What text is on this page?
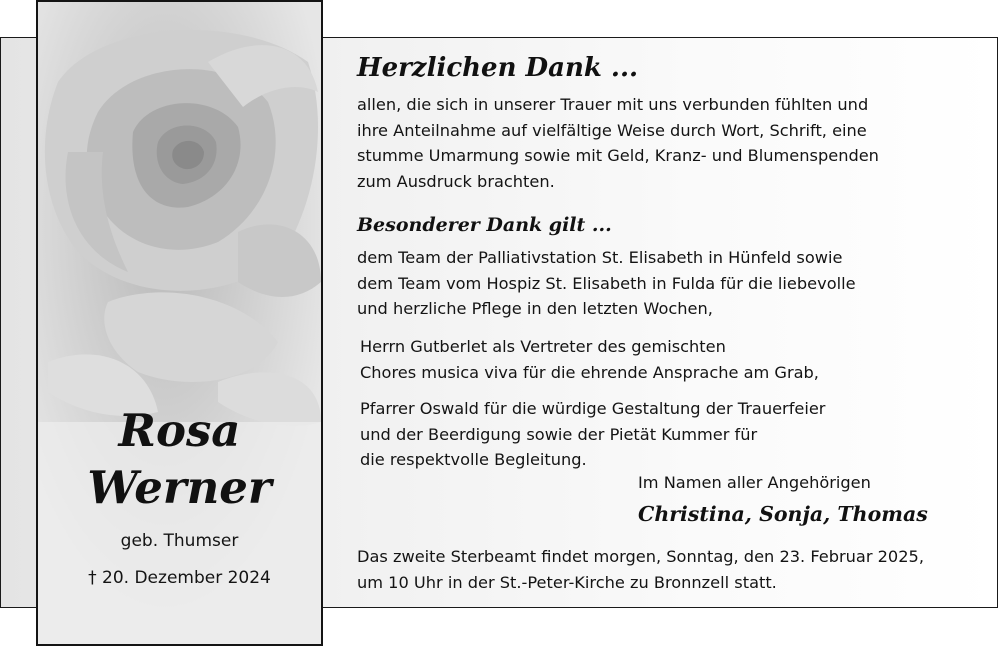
Rosa
Werner
geb. Thumser
† 20. Dezember 2024
Herzlichen Dank ...
allen, die sich in unserer Trauer mit uns verbunden fühlten und
ihre Anteilnahme auf vielfältige Weise durch Wort, Schrift, eine
stumme Umarmung sowie mit Geld, Kranz- und Blumenspenden
zum Ausdruck brachten.
Besonderer Dank gilt ...
dem Team der Palliativstation St. Elisabeth in Hünfeld sowie
dem Team vom Hospiz St. Elisabeth in Fulda für die liebevolle
und herzliche Pflege in den letzten Wochen,
Herrn Gutberlet als Vertreter des gemischten
Chores musica viva für die ehrende Ansprache am Grab,
Pfarrer Oswald für die würdige Gestaltung der Trauerfeier
und der Beerdigung sowie der Pietät Kummer für
die respektvolle Begleitung.
Im Namen aller Angehörigen
Christina, Sonja, Thomas
Das zweite Sterbeamt findet morgen, Sonntag, den 23. Februar 2025,
um 10 Uhr in der St.-Peter-Kirche zu Bronnzell statt.
